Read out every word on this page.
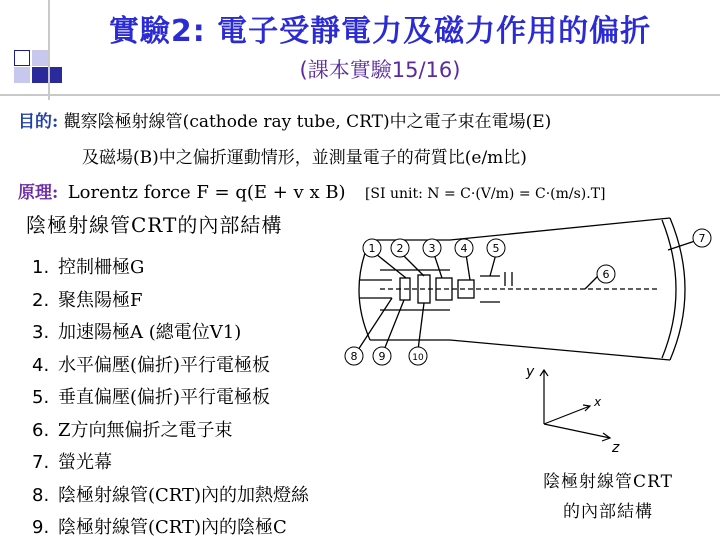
實驗2: 電子受靜電力及磁力作用的偏折
(課本實驗15/16)
目的: 觀察陰極射線管(cathode ray tube, CRT)中之電子束在電場(E)
及磁場(B)中之偏折運動情形，並測量電子的荷質比(e/m比)
原理: Lorentz force F = q(E + v x B) [SI unit: N = C·(V/m) = C·(m/s).T]
陰極射線管CRT的內部結構
1. 控制柵極G
2. 聚焦陽極F
3. 加速陽極A (總電位V1)
4. 水平偏壓(偏折)平行電極板
5. 垂直偏壓(偏折)平行電極板
6. Z方向無偏折之電子束
7. 螢光幕
8. 陰極射線管(CRT)內的加熱燈絲
9. 陰極射線管(CRT)內的陰極C
1 2 3 4 5
6
7
8 9	10
y
x
z
陰極射線管CRT
的內部結構
